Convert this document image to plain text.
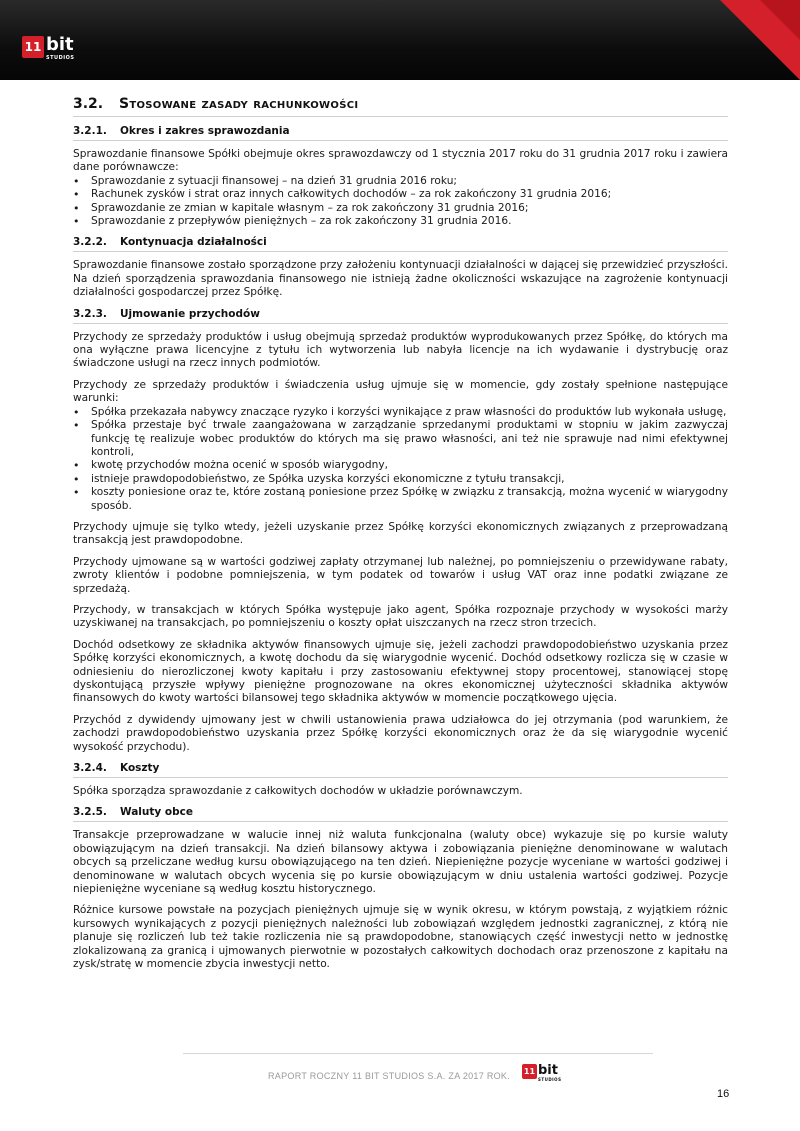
11 bit
STUDIOS
3.2.	Stosowane zasady rachunkowości
3.2.1.	Okres i zakres sprawozdania

Sprawozdanie finansowe Spółki obejmuje okres sprawozdawczy od 1 stycznia 2017 roku do 31 grudnia 2017 roku i zawiera dane porównawcze:

• Sprawozdanie z sytuacji finansowej – na dzień 31 grudnia 2016 roku;
• Rachunek zysków i strat oraz innych całkowitych dochodów – za rok zakończony 31 grudnia 2016;
• Sprawozdanie ze zmian w kapitale własnym – za rok zakończony 31 grudnia 2016;
• Sprawozdanie z przepływów pieniężnych – za rok zakończony 31 grudnia 2016.
3.2.2.	Kontynuacja działalności

Sprawozdanie finansowe zostało sporządzone przy założeniu kontynuacji działalności w dającej się przewidzieć przyszłości. Na dzień sporządzenia sprawozdania finansowego nie istnieją żadne okoliczności wskazujące na zagrożenie kontynuacji działalności gospodarczej przez Spółkę.

3.2.3.	Ujmowanie przychodów

Przychody ze sprzedaży produktów i usług obejmują sprzedaż produktów wyprodukowanych przez Spółkę, do których ma ona wyłączne prawa licencyjne z tytułu ich wytworzenia lub nabyła licencje na ich wydawanie i dystrybucję oraz świadczone usługi na rzecz innych podmiotów.

Przychody ze sprzedaży produktów i świadczenia usług ujmuje się w momencie, gdy zostały spełnione następujące warunki:

• Spółka przekazała nabywcy znaczące ryzyko i korzyści wynikające z praw własności do produktów lub wykonała usługę,
• Spółka przestaje być trwale zaangażowana w zarządzanie sprzedanymi produktami w stopniu w jakim zazwyczaj funkcję tę realizuje wobec produktów do których ma się prawo własności, ani też nie sprawuje nad nimi efektywnej kontroli,
• kwotę przychodów można ocenić w sposób wiarygodny,
• istnieje prawdopodobieństwo, ze Spółka uzyska korzyści ekonomiczne z tytułu transakcji,
• koszty poniesione oraz te, które zostaną poniesione przez Spółkę w związku z transakcją, można wycenić w wiarygodny sposób.

Przychody ujmuje się tylko wtedy, jeżeli uzyskanie przez Spółkę korzyści ekonomicznych związanych z przeprowadzaną transakcją jest prawdopodobne.

Przychody ujmowane są w wartości godziwej zapłaty otrzymanej lub należnej, po pomniejszeniu o przewidywane rabaty, zwroty klientów i podobne pomniejszenia, w tym podatek od towarów i usług VAT oraz inne podatki związane ze sprzedażą.

Przychody, w transakcjach w których Spółka występuje jako agent, Spółka rozpoznaje przychody w wysokości marży uzyskiwanej na transakcjach, po pomniejszeniu o koszty opłat uiszczanych na rzecz stron trzecich.

Dochód odsetkowy ze składnika aktywów finansowych ujmuje się, jeżeli zachodzi prawdopodobieństwo uzyskania przez Spółkę korzyści ekonomicznych, a kwotę dochodu da się wiarygodnie wycenić. Dochód odsetkowy rozlicza się w czasie w odniesieniu do nierozliczonej kwoty kapitału i przy zastosowaniu efektywnej stopy procentowej, stanowiącej stopę dyskontującą przyszłe wpływy pieniężne prognozowane na okres ekonomicznej użyteczności składnika aktywów finansowych do kwoty wartości bilansowej tego składnika aktywów w momencie początkowego ujęcia.

Przychód z dywidendy ujmowany jest w chwili ustanowienia prawa udziałowca do jej otrzymania (pod warunkiem, że zachodzi prawdopodobieństwo uzyskania przez Spółkę korzyści ekonomicznych oraz że da się wiarygodnie wycenić wysokość przychodu).

3.2.4.	Koszty

Spółka sporządza sprawozdanie z całkowitych dochodów w układzie porównawczym.

3.2.5.	Waluty obce

Transakcje przeprowadzane w walucie innej niż waluta funkcjonalna (waluty obce) wykazuje się po kursie waluty obowiązującym na dzień transakcji. Na dzień bilansowy aktywa i zobowiązania pieniężne denominowane w walutach obcych są przeliczane według kursu obowiązującego na ten dzień. Niepieniężne pozycje wyceniane w wartości godziwej i denominowane w walutach obcych wycenia się po kursie obowiązującym w dniu ustalenia wartości godziwej. Pozycje niepieniężne wyceniane są według kosztu historycznego.

Różnice kursowe powstałe na pozycjach pieniężnych ujmuje się w wynik okresu, w którym powstają, z wyjątkiem różnic kursowych wynikających z pozycji pieniężnych należności lub zobowiązań względem jednostki zagranicznej, z którą nie planuje się rozliczeń lub też takie rozliczenia nie są prawdopodobne, stanowiących część inwestycji netto w jednostkę zlokalizowaną za granicą i ujmowanych pierwotnie w pozostałych całkowitych dochodach oraz przenoszone z kapitału na zysk/stratę w momencie zbycia inwestycji netto.

RAPORT ROCZNY 11 BIT STUDIOS S.A. ZA 2017 ROK. 11 bit
STUDIOS
16
